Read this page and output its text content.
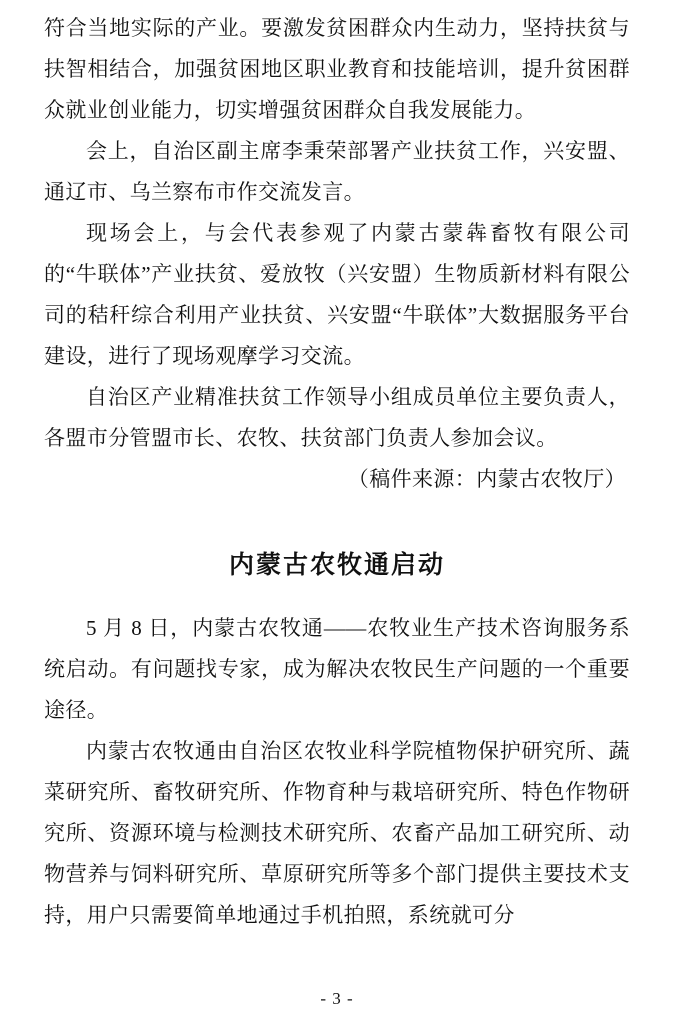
符合当地实际的产业。要激发贫困群众内生动力，坚持扶贫与扶智相结合，加强贫困地区职业教育和技能培训，提升贫困群众就业创业能力，切实增强贫困群众自我发展能力。

会上，自治区副主席李秉荣部署产业扶贫工作，兴安盟、通辽市、乌兰察布市作交流发言。

现场会上，与会代表参观了内蒙古蒙犇畜牧有限公司的“牛联体”产业扶贫、爱放牧（兴安盟）生物质新材料有限公司的秸秆综合利用产业扶贫、兴安盟“牛联体”大数据服务平台建设，进行了现场观摩学习交流。

自治区产业精准扶贫工作领导小组成员单位主要负责人，各盟市分管盟市长、农牧、扶贫部门负责人参加会议。

（稿件来源：内蒙古农牧厅）

内蒙古农牧通启动

5 月 8 日，内蒙古农牧通——农牧业生产技术咨询服务系统启动。有问题找专家，成为解决农牧民生产问题的一个重要途径。

内蒙古农牧通由自治区农牧业科学院植物保护研究所、蔬菜研究所、畜牧研究所、作物育种与栽培研究所、特色作物研究所、资源环境与检测技术研究所、农畜产品加工研究所、动物营养与饲料研究所、草原研究所等多个部门提供主要技术支持，用户只需要简单地通过手机拍照，系统就可分

- 3 -
